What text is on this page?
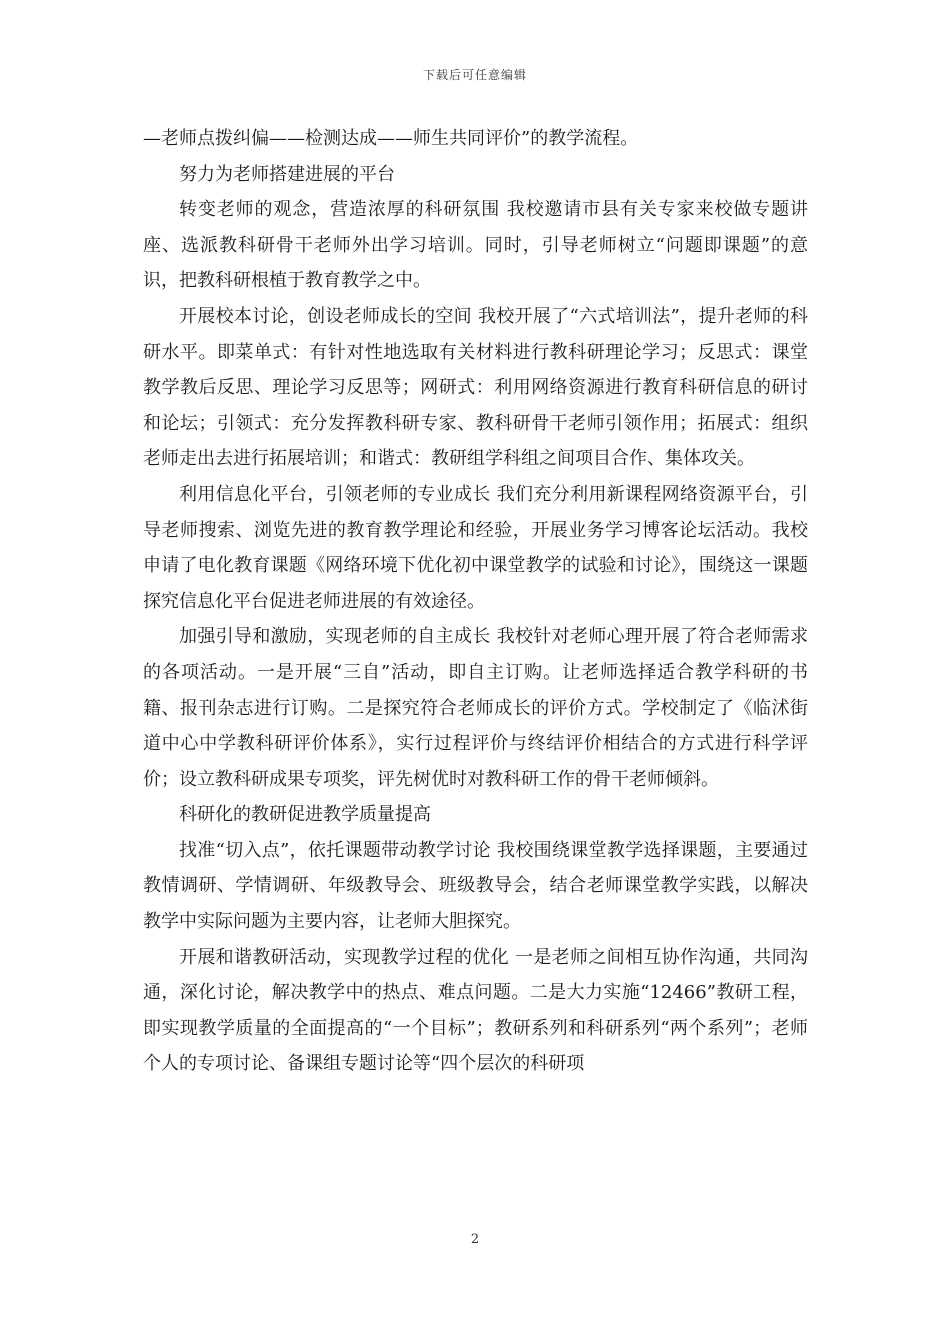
下载后可任意编辑

—老师点拨纠偏——检测达成——师生共同评价”的教学流程。

努力为老师搭建进展的平台

转变老师的观念，营造浓厚的科研氛围 我校邀请市县有关专家来校做专题讲座、选派教科研骨干老师外出学习培训。同时，引导老师树立“问题即课题”的意识，把教科研根植于教育教学之中。

开展校本讨论，创设老师成长的空间 我校开展了“六式培训法”，提升老师的科研水平。即菜单式：有针对性地选取有关材料进行教科研理论学习；反思式：课堂教学教后反思、理论学习反思等；网研式：利用网络资源进行教育科研信息的研讨和论坛；引领式：充分发挥教科研专家、教科研骨干老师引领作用；拓展式：组织老师走出去进行拓展培训；和谐式：教研组学科组之间项目合作、集体攻关。

利用信息化平台，引领老师的专业成长 我们充分利用新课程网络资源平台，引导老师搜索、浏览先进的教育教学理论和经验，开展业务学习博客论坛活动。我校申请了电化教育课题《网络环境下优化初中课堂教学的试验和讨论》，围绕这一课题探究信息化平台促进老师进展的有效途径。

加强引导和激励，实现老师的自主成长 我校针对老师心理开展了符合老师需求的各项活动。一是开展“三自”活动，即自主订购。让老师选择适合教学科研的书籍、报刊杂志进行订购。二是探究符合老师成长的评价方式。学校制定了《临沭街道中心中学教科研评价体系》，实行过程评价与终结评价相结合的方式进行科学评价；设立教科研成果专项奖，评先树优时对教科研工作的骨干老师倾斜。

科研化的教研促进教学质量提高

找准“切入点”，依托课题带动教学讨论 我校围绕课堂教学选择课题，主要通过教情调研、学情调研、年级教导会、班级教导会，结合老师课堂教学实践，以解决教学中实际问题为主要内容，让老师大胆探究。

开展和谐教研活动，实现教学过程的优化 一是老师之间相互协作沟通，共同沟通，深化讨论，解决教学中的热点、难点问题。二是大力实施“12466”教研工程，即实现教学质量的全面提高的“一个目标”；教研系列和科研系列“两个系列”；老师个人的专项讨论、备课组专题讨论等“四个层次的科研项

2
